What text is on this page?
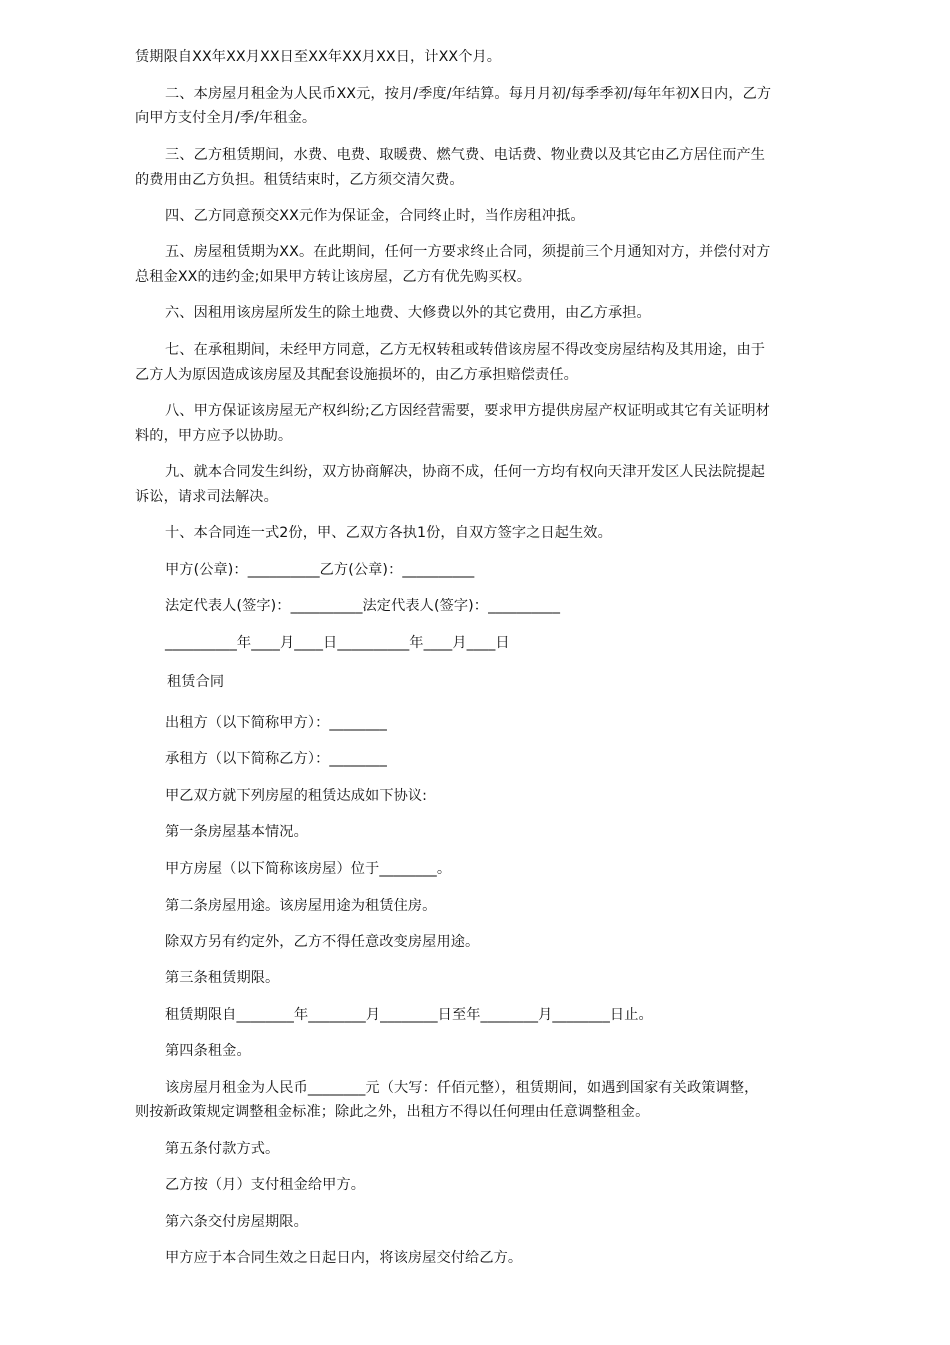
赁期限自XX年XX月XX日至XX年XX月XX日，计XX个月。
二、本房屋月租金为人民币XX元，按月/季度/年结算。每月月初/每季季初/每年年初X日内，乙方
向甲方支付全月/季/年租金。
三、乙方租赁期间，水费、电费、取暖费、燃气费、电话费、物业费以及其它由乙方居住而产生
的费用由乙方负担。租赁结束时，乙方须交清欠费。
四、乙方同意预交XX元作为保证金，合同终止时，当作房租冲抵。
五、房屋租赁期为XX。在此期间，任何一方要求终止合同，须提前三个月通知对方，并偿付对方
总租金XX的违约金;如果甲方转让该房屋，乙方有优先购买权。
六、因租用该房屋所发生的除土地费、大修费以外的其它费用，由乙方承担。
七、在承租期间，未经甲方同意，乙方无权转租或转借该房屋不得改变房屋结构及其用途，由于
乙方人为原因造成该房屋及其配套设施损坏的，由乙方承担赔偿责任。
八、甲方保证该房屋无产权纠纷;乙方因经营需要，要求甲方提供房屋产权证明或其它有关证明材
料的，甲方应予以协助。
九、就本合同发生纠纷，双方协商解决，协商不成，任何一方均有权向天津开发区人民法院提起
诉讼，请求司法解决。
十、本合同连一式2份，甲、乙双方各执1份，自双方签字之日起生效。
甲方(公章)：__________乙方(公章)：__________
法定代表人(签字)：__________法定代表人(签字)：__________
__________年____月____日__________年____月____日
租赁合同
出租方（以下简称甲方）：________
承租方（以下简称乙方）：________
甲乙双方就下列房屋的租赁达成如下协议:
第一条房屋基本情况。
甲方房屋（以下简称该房屋）位于________。
第二条房屋用途。该房屋用途为租赁住房。
除双方另有约定外，乙方不得任意改变房屋用途。
第三条租赁期限。
租赁期限自________年________月________日至年________月________日止。
第四条租金。
该房屋月租金为人民币________元（大写：仟佰元整），租赁期间，如遇到国家有关政策调整，
则按新政策规定调整租金标准；除此之外，出租方不得以任何理由任意调整租金。
第五条付款方式。
乙方按（月）支付租金给甲方。
第六条交付房屋期限。
甲方应于本合同生效之日起日内，将该房屋交付给乙方。
